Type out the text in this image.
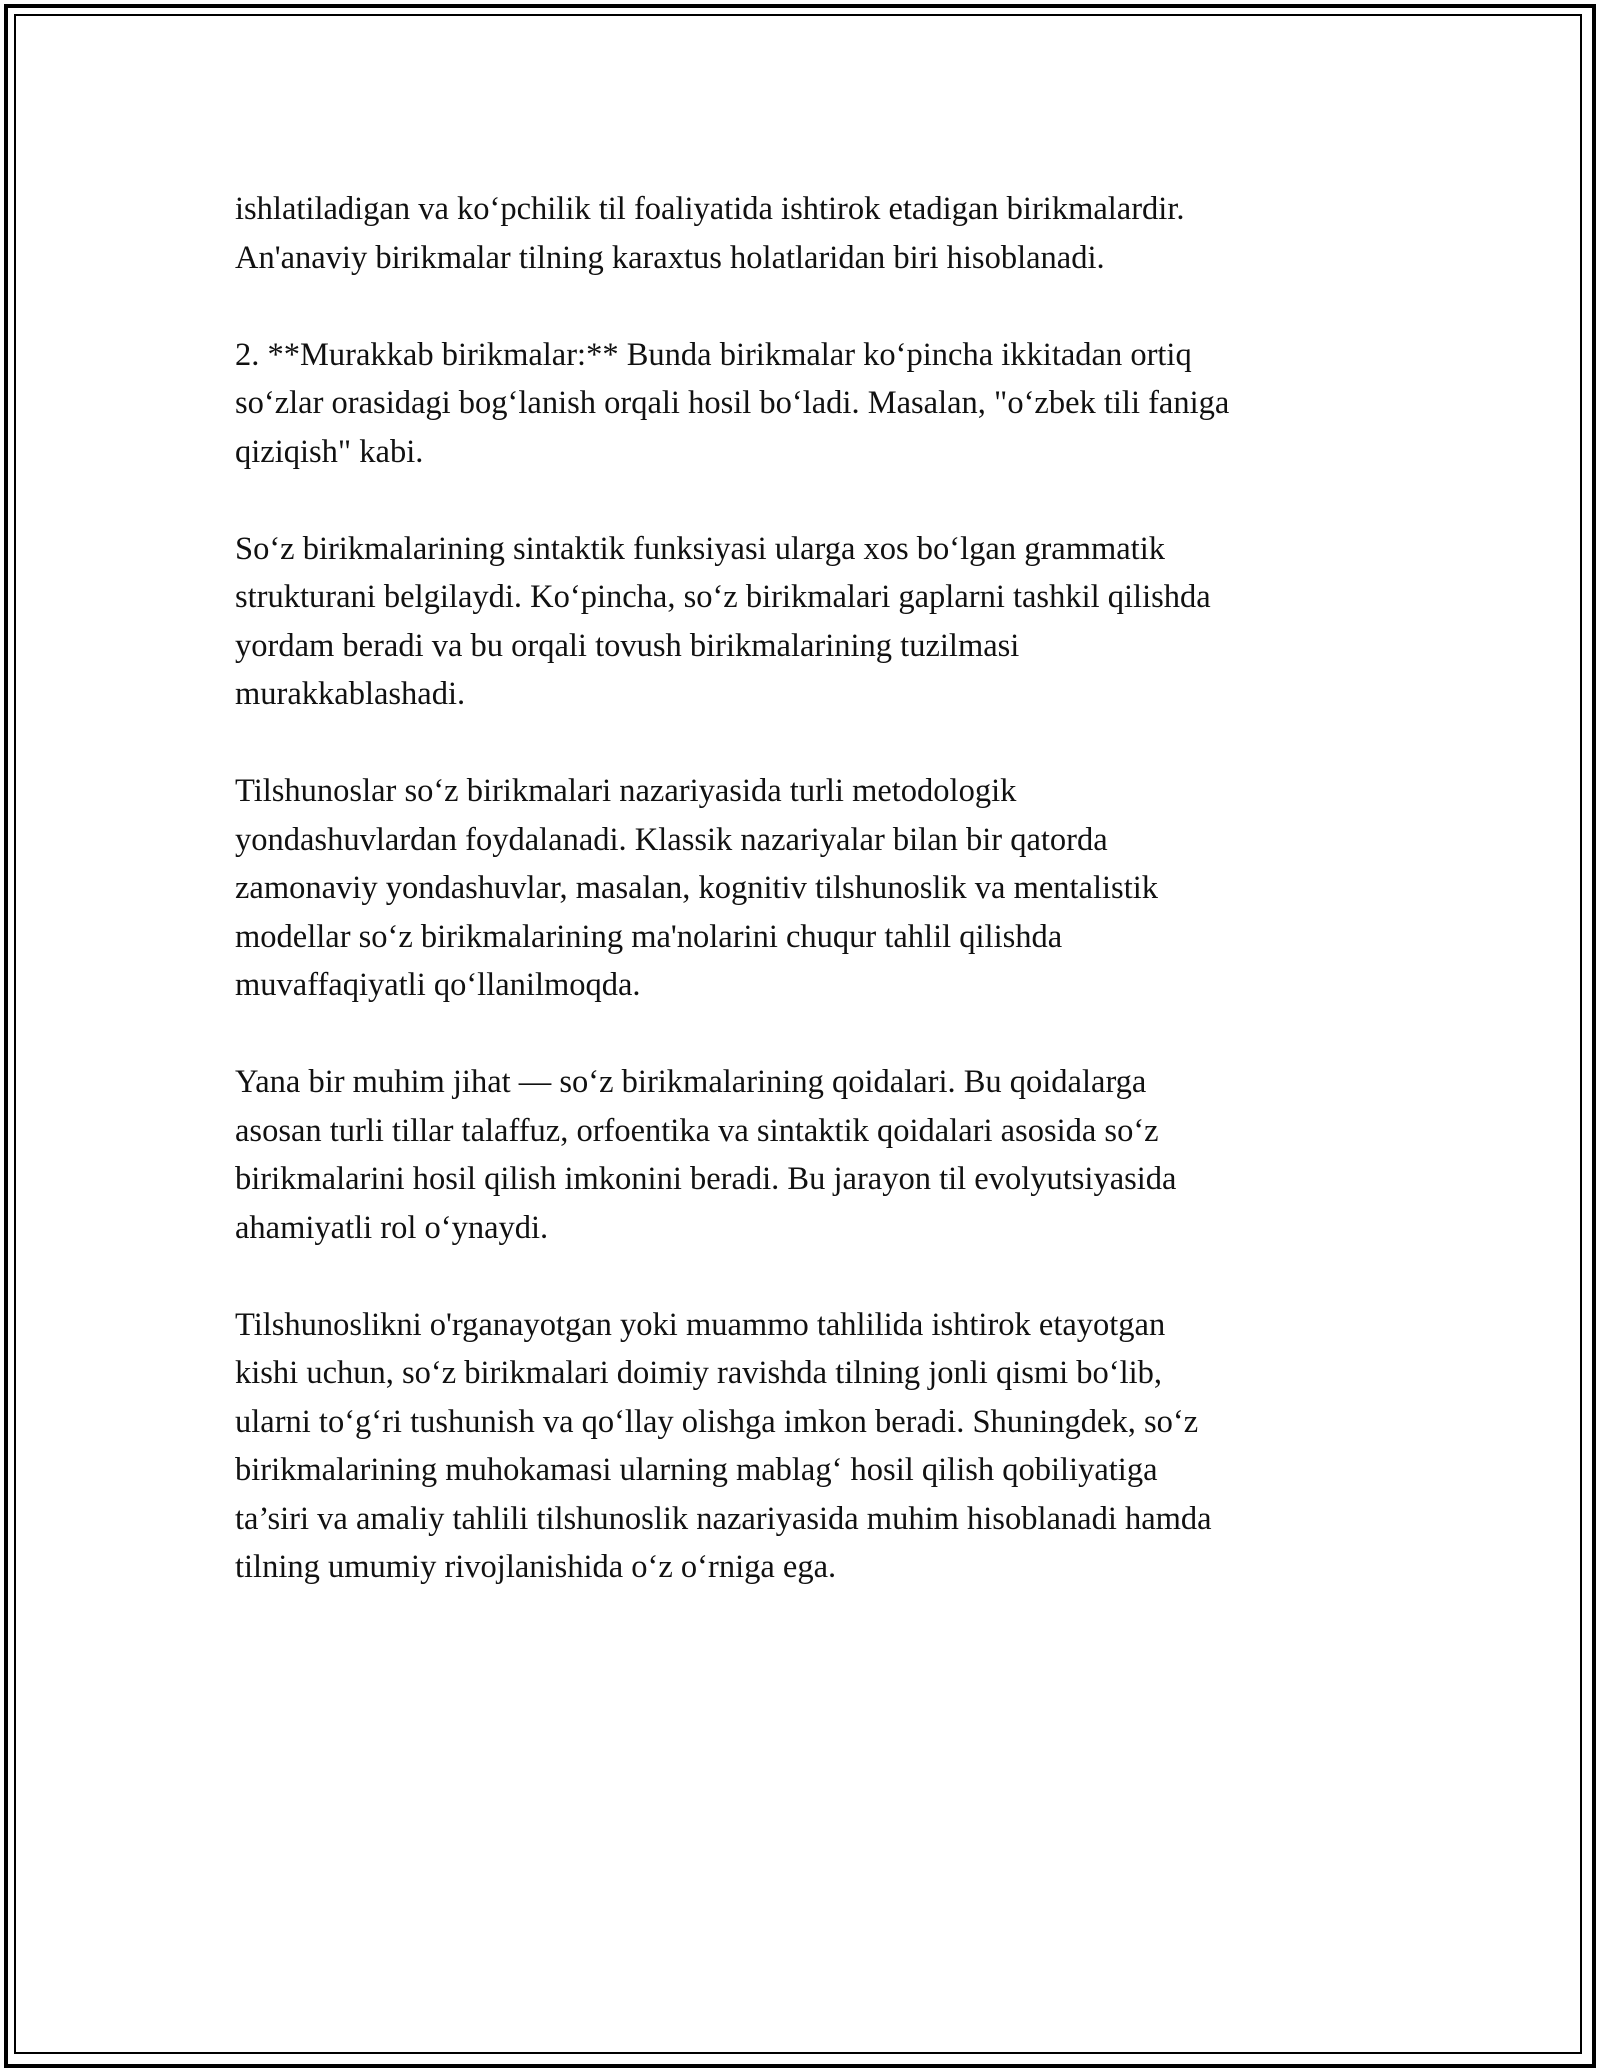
ishlatiladigan va ko‘pchilik til foaliyatida ishtirok etadigan birikmalardir.
An'anaviy birikmalar tilning karaxtus holatlaridan biri hisoblanadi.

2. **Murakkab birikmalar:** Bunda birikmalar ko‘pincha ikkitadan ortiq
so‘zlar orasidagi bog‘lanish orqali hosil bo‘ladi. Masalan, "o‘zbek tili faniga
qiziqish" kabi.

So‘z birikmalarining sintaktik funksiyasi ularga xos bo‘lgan grammatik
strukturani belgilaydi. Ko‘pincha, so‘z birikmalari gaplarni tashkil qilishda
yordam beradi va bu orqali tovush birikmalarining tuzilmasi
murakkablashadi.

Tilshunoslar so‘z birikmalari nazariyasida turli metodologik
yondashuvlardan foydalanadi. Klassik nazariyalar bilan bir qatorda
zamonaviy yondashuvlar, masalan, kognitiv tilshunoslik va mentalistik
modellar so‘z birikmalarining ma'nolarini chuqur tahlil qilishda
muvaffaqiyatli qo‘llanilmoqda.

Yana bir muhim jihat — so‘z birikmalarining qoidalari. Bu qoidalarga
asosan turli tillar talaffuz, orfoentika va sintaktik qoidalari asosida so‘z
birikmalarini hosil qilish imkonini beradi. Bu jarayon til evolyutsiyasida
ahamiyatli rol o‘ynaydi.

Tilshunoslikni o'rganayotgan yoki muammo tahlilida ishtirok etayotgan
kishi uchun, so‘z birikmalari doimiy ravishda tilning jonli qismi bo‘lib,
ularni to‘g‘ri tushunish va qo‘llay olishga imkon beradi. Shuningdek, so‘z
birikmalarining muhokamasi ularning mablag‘ hosil qilish qobiliyatiga
ta’siri va amaliy tahlili tilshunoslik nazariyasida muhim hisoblanadi hamda
tilning umumiy rivojlanishida o‘z o‘rniga ega.
